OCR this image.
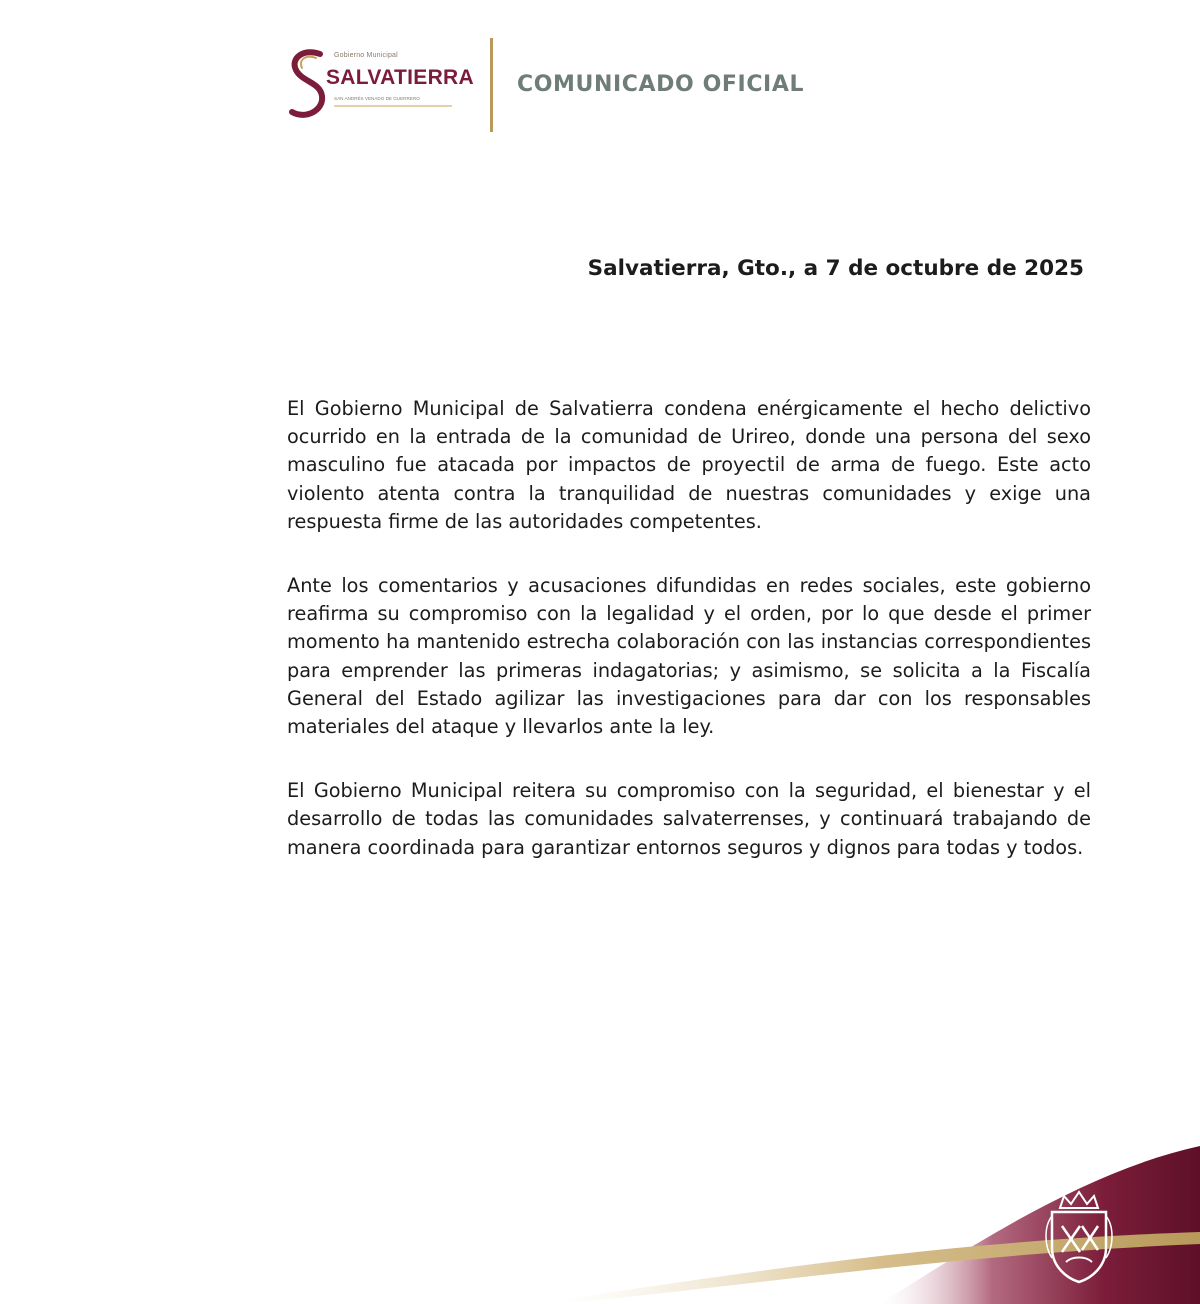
Gobierno Municipal
SALVATIERRA
SAN ANDRÉS VENADO DE GUERRERO
COMUNICADO OFICIAL
Salvatierra, Gto., a 7 de octubre de 2025

El Gobierno Municipal de Salvatierra condena enérgicamente el hecho delictivo ocurrido en la entrada de la comunidad de Urireo, donde una persona del sexo masculino fue atacada por impactos de proyectil de arma de fuego. Este acto violento atenta contra la tranquilidad de nuestras comunidades y exige una respuesta firme de las autoridades competentes.

Ante los comentarios y acusaciones difundidas en redes sociales, este gobierno reafirma su compromiso con la legalidad y el orden, por lo que desde el primer momento ha mantenido estrecha colaboración con las instancias correspondientes para emprender las primeras indagatorias; y asimismo, se solicita a la Fiscalía General del Estado agilizar las investigaciones para dar con los responsables materiales del ataque y llevarlos ante la ley.

El Gobierno Municipal reitera su compromiso con la seguridad, el bienestar y el desarrollo de todas las comunidades salvaterrenses, y continuará trabajando de manera coordinada para garantizar entornos seguros y dignos para todas y todos.
